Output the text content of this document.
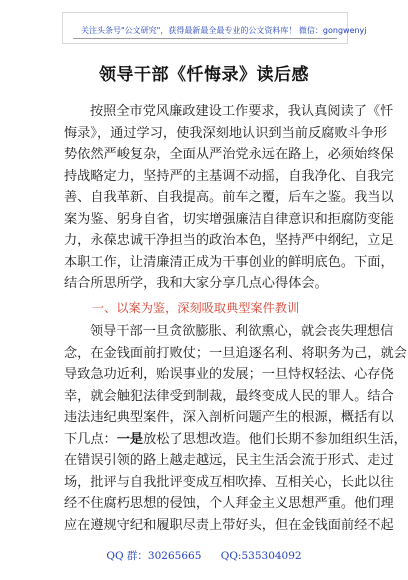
关注头条号"公文研究"，获得最新最全最专业的公文资料库！ 微信：gongwenyj
领导干部《忏悔录》读后感
按照全市党风廉政建设工作要求，我认真阅读了《忏
悔录》，通过学习，使我深刻地认识到当前反腐败斗争形
势依然严峻复杂，全面从严治党永远在路上，必须始终保
持战略定力，坚持严的主基调不动摇，自我净化、自我完
善、自我革新、自我提高。前车之覆，后车之鉴。我当以
案为鉴、躬身自省，切实增强廉洁自律意识和拒腐防变能
力，永葆忠诚干净担当的政治本色，坚持严中纲纪，立足
本职工作，让清廉清正成为干事创业的鲜明底色。下面，
结合所思所学，我和大家分享几点心得体会。
一、以案为鉴，深刻吸取典型案件教训
领导干部一旦贪欲膨胀、利欲熏心，就会丧失理想信
念，在金钱面前打败仗；一旦追逐名利、将职务为己，就会
导致急功近利，贻误事业的发展；一旦恃权轻法、心存侥
幸，就会触犯法律受到制裁，最终变成人民的罪人。结合
违法违纪典型案件，深入剖析问题产生的根源，概括有以
下几点：一是放松了思想改造。他们长期不参加组织生活，
在错误引领的路上越走越远，民主生活会流于形式、走过
场，批评与自我批评变成互相吹捧、互相关心，长此以往
经不住腐朽思想的侵蚀，个人拜金主义思想严重。他们理
应在遵规守纪和履职尽责上带好头，但在金钱面前经不起
QQ 群：30265665 QQ:535304092
